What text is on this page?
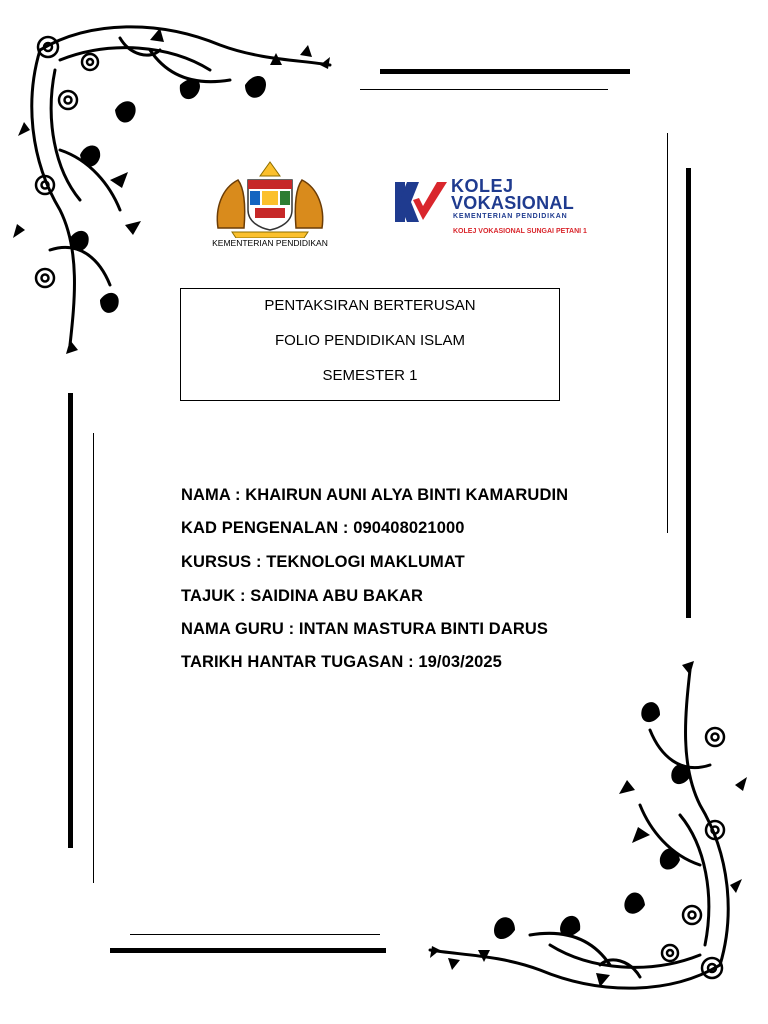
KEMENTERIAN PENDIDIKAN
KOLEJ
VOKASIONAL
KEMENTERIAN PENDIDIKAN
KOLEJ VOKASIONAL SUNGAI PETANI 1
PENTAKSIRAN BERTERUSAN
FOLIO PENDIDIKAN ISLAM
SEMESTER 1
NAMA : KHAIRUN AUNI ALYA BINTI KAMARUDIN
KAD PENGENALAN : 090408021000
KURSUS : TEKNOLOGI MAKLUMAT
TAJUK : SAIDINA ABU BAKAR
NAMA GURU : INTAN MASTURA BINTI DARUS
TARIKH HANTAR TUGASAN : 19/03/2025
